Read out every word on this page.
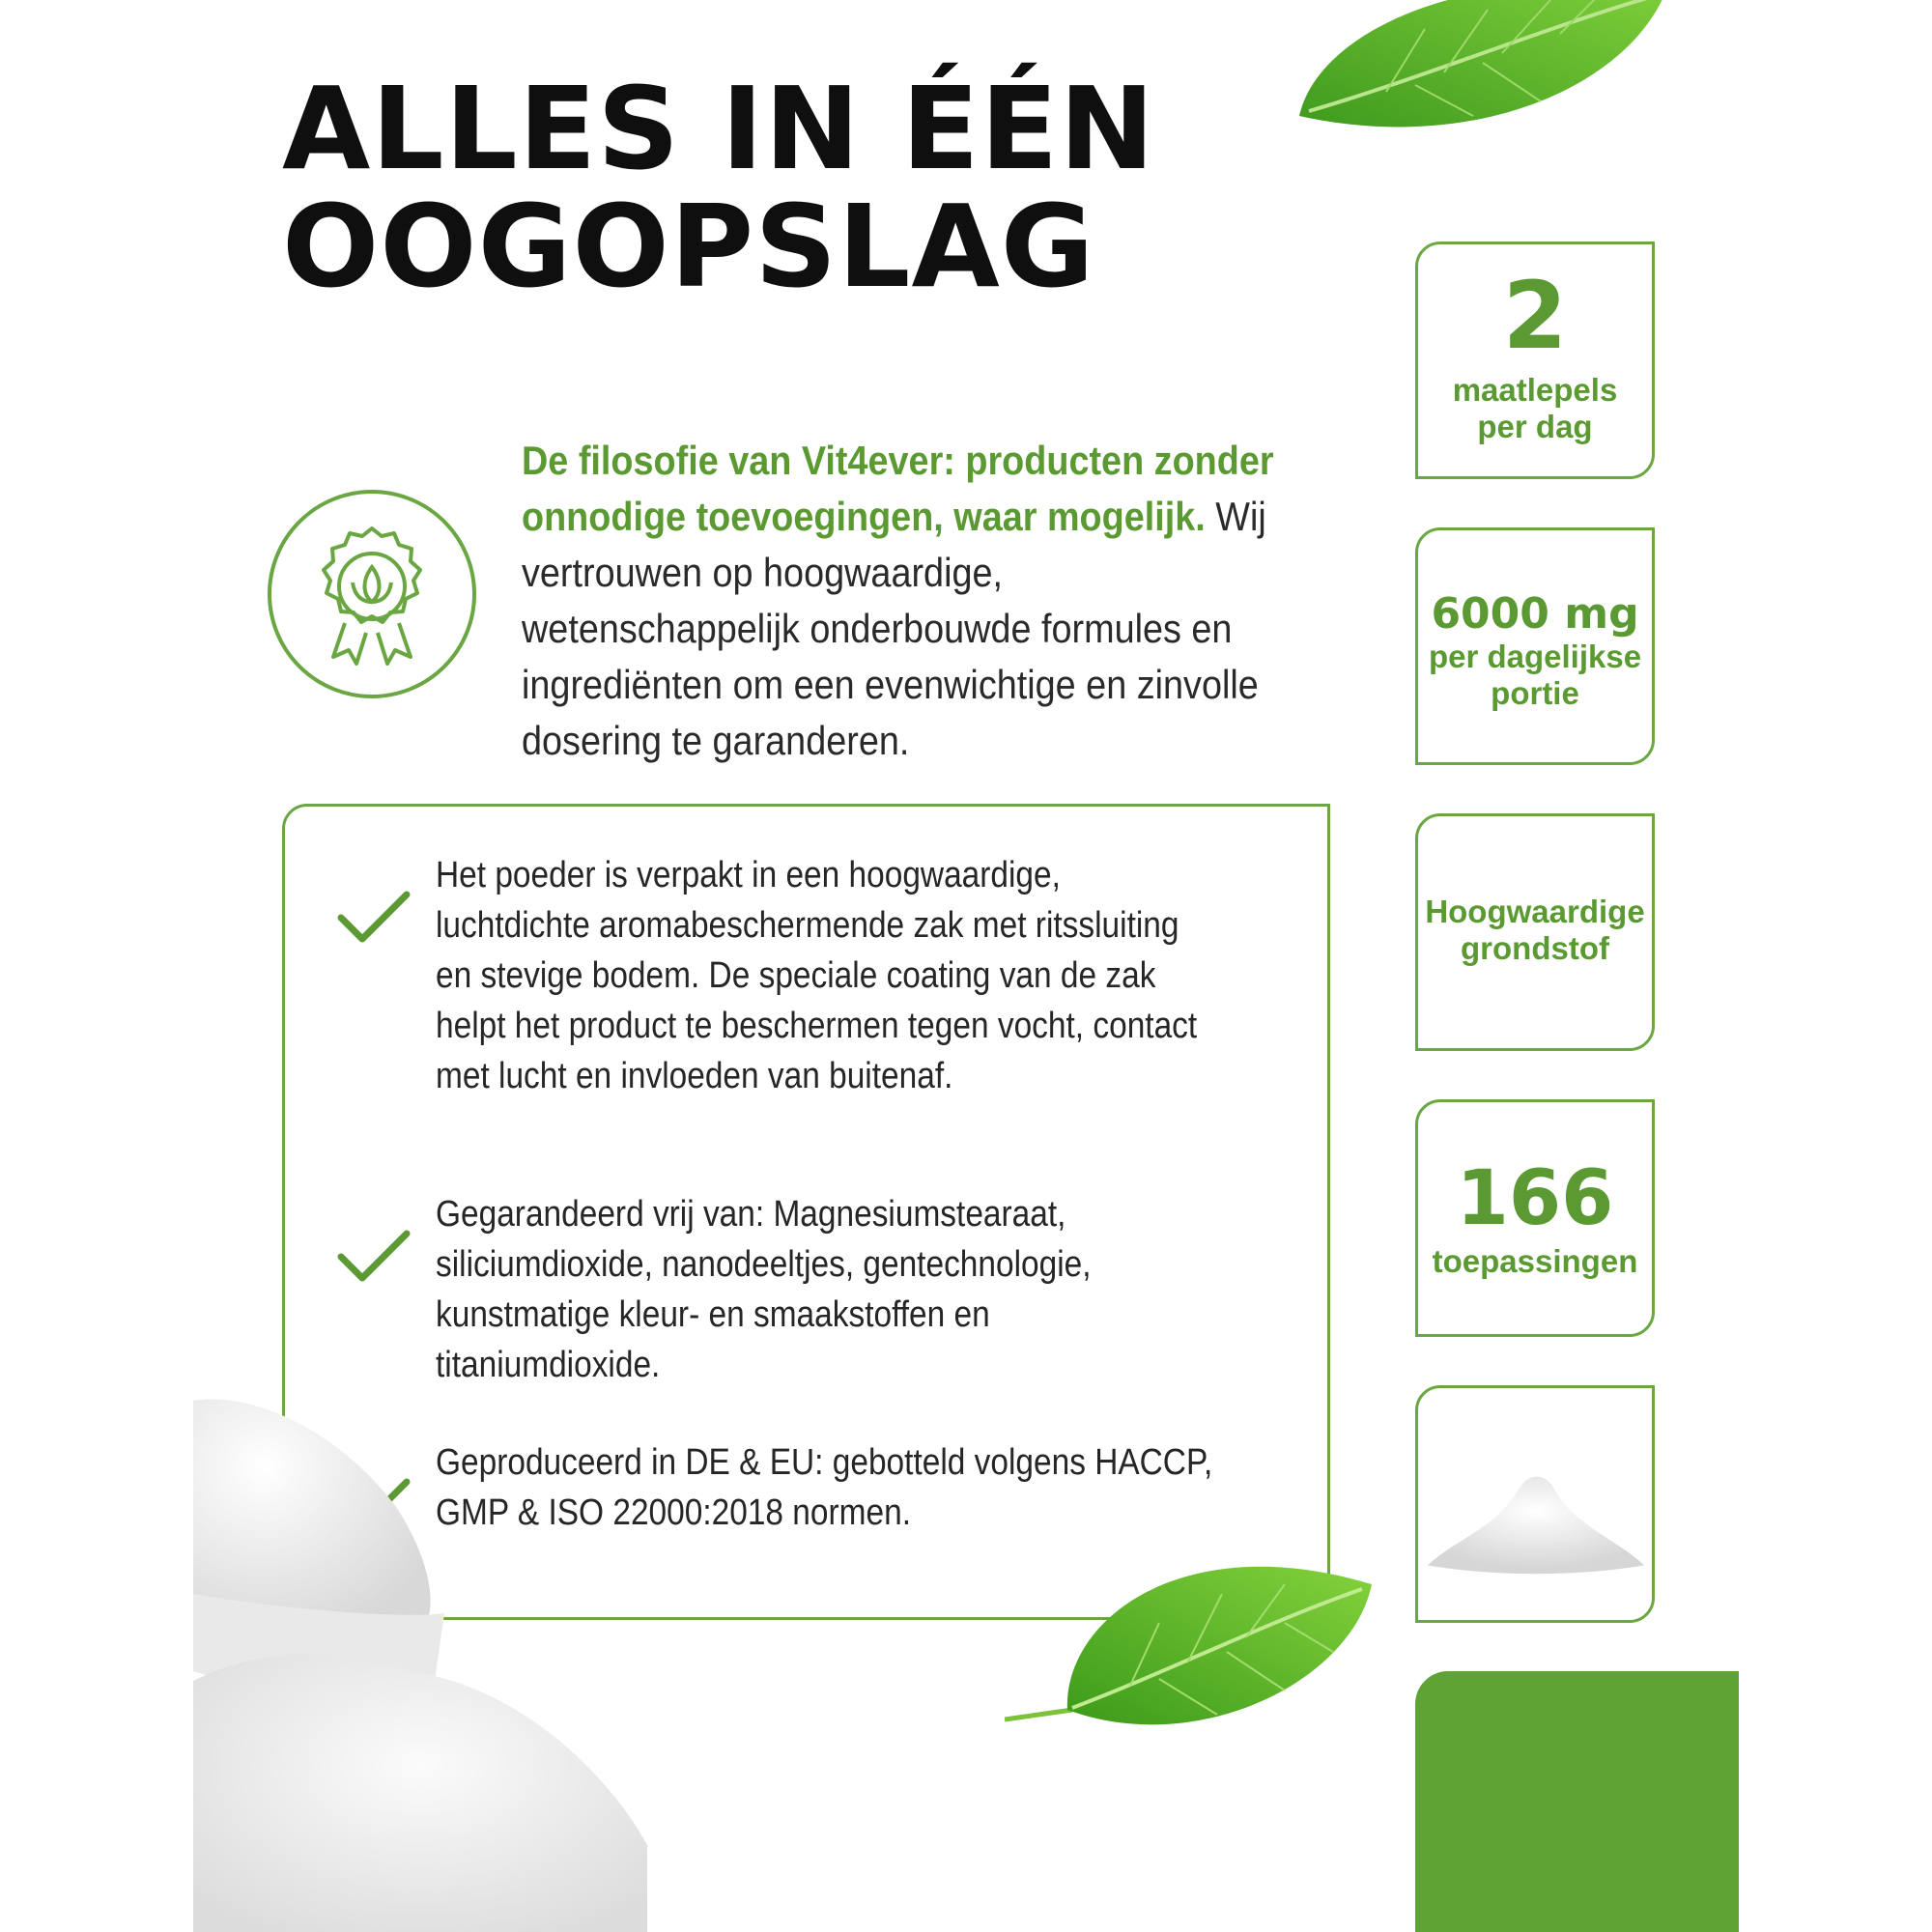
ALLES IN ÉÉN
OOGOPSLAG

De filosofie van Vit4ever: producten zonder onnodige toevoegingen, waar mogelijk. Wij vertrouwen op hoogwaardige, wetenschappelijk onderbouwde formules en ingrediënten om een evenwichtige en zinvolle dosering te garanderen.

Het poeder is verpakt in een hoogwaardige, luchtdichte aromabeschermende zak met ritssluiting en stevige bodem. De speciale coating van de zak helpt het product te beschermen tegen vocht, contact met lucht en invloeden van buitenaf.

Gegarandeerd vrij van: Magnesiumstearaat, siliciumdioxide, nanodeeltjes, gentechnologie, kunstmatige kleur- en smaakstoffen en titaniumdioxide.

Geproduceerd in DE & EU: gebotteld volgens HACCP, GMP & ISO 22000:2018 normen.

2
maatlepels
per dag
6000 mg
per dagelijkse
portie
Hoogwaardige
grondstof
166
toepassingen
